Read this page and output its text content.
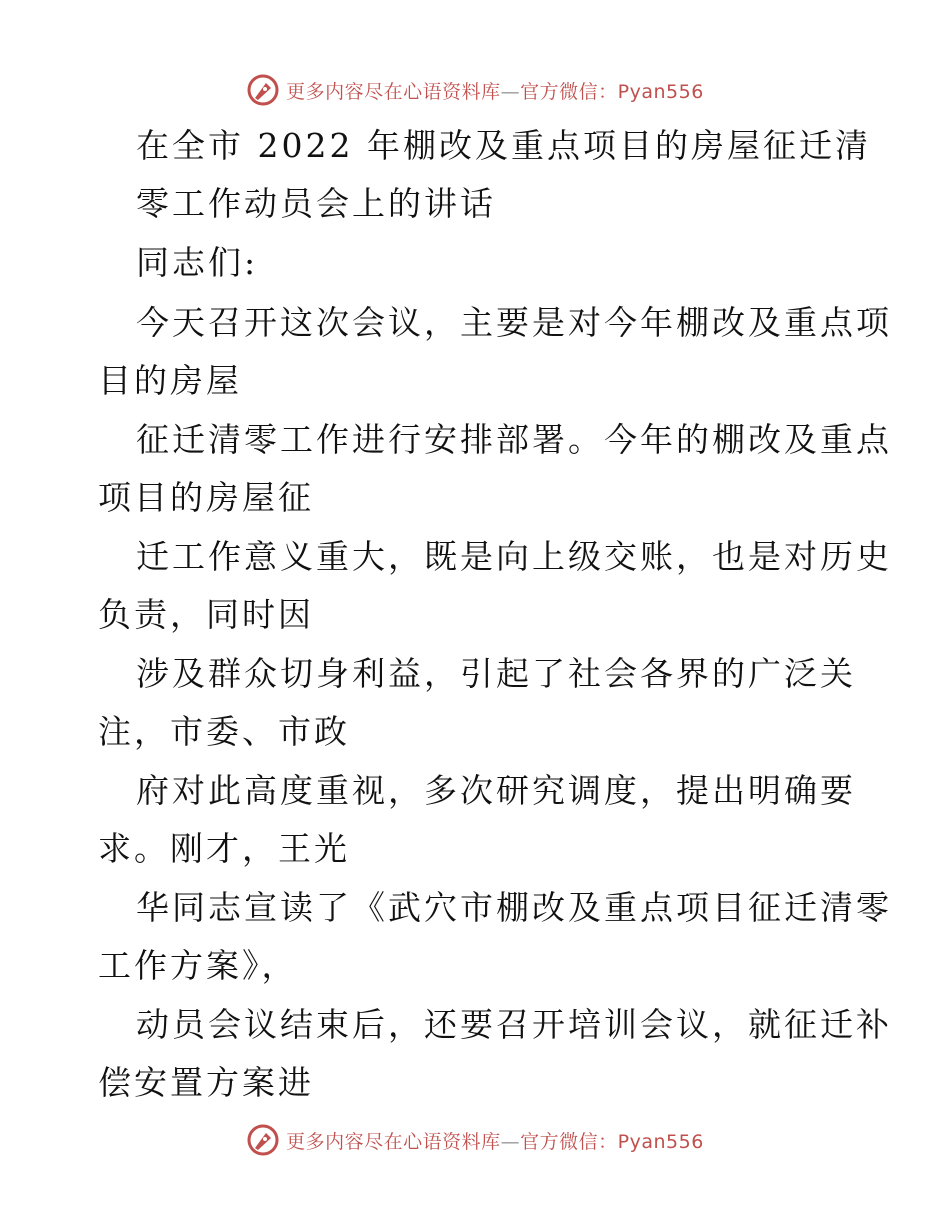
更多内容尽在心语资料库—官方微信：Pyan556
在全市 2022 年棚改及重点项目的房屋征迁清
零工作动员会上的讲话
同志们:
今天召开这次会议，主要是对今年棚改及重点项
目的房屋
征迁清零工作进行安排部署。今年的棚改及重点
项目的房屋征
迁工作意义重大，既是向上级交账，也是对历史
负责，同时因
涉及群众切身利益，引起了社会各界的广泛关
注，市委、市政
府对此高度重视，多次研究调度，提出明确要
求。刚才，王光
华同志宣读了《武穴市棚改及重点项目征迁清零
工作方案》，
动员会议结束后，还要召开培训会议，就征迁补
偿安置方案进
更多内容尽在心语资料库—官方微信：Pyan556
